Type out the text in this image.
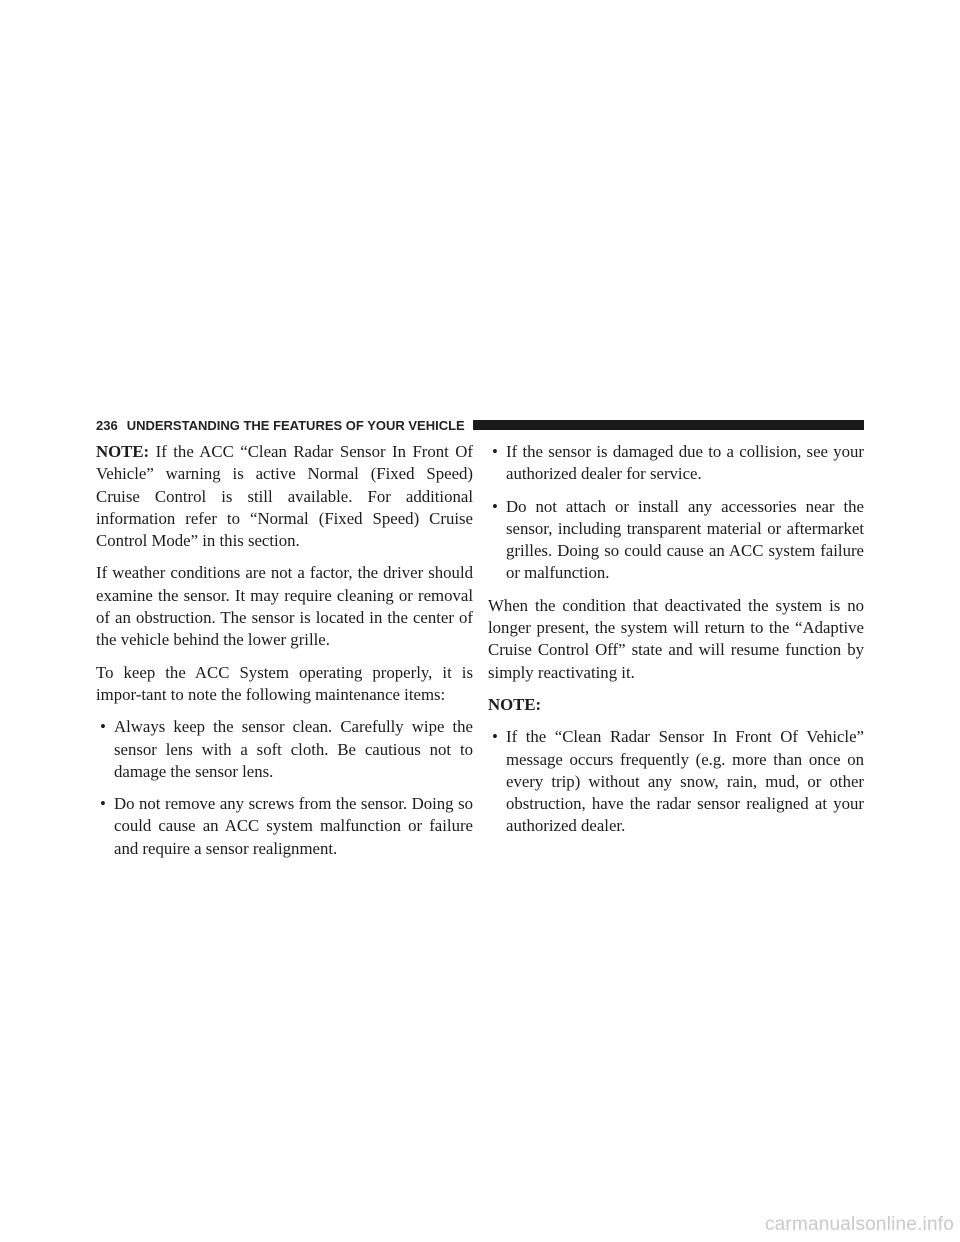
236 UNDERSTANDING THE FEATURES OF YOUR VEHICLE

NOTE: If the ACC “Clean Radar Sensor In Front Of Vehicle” warning is active Normal (Fixed Speed) Cruise Control is still available. For additional information refer to “Normal (Fixed Speed) Cruise Control Mode” in this section.

If weather conditions are not a factor, the driver should examine the sensor. It may require cleaning or removal of an obstruction. The sensor is located in the center of the vehicle behind the lower grille.

To keep the ACC System operating properly, it is impor-tant to note the following maintenance items:

• Always keep the sensor clean. Carefully wipe the sensor lens with a soft cloth. Be cautious not to damage the sensor lens.
• Do not remove any screws from the sensor. Doing so could cause an ACC system malfunction or failure and require a sensor realignment.
• If the sensor is damaged due to a collision, see your authorized dealer for service.
• Do not attach or install any accessories near the sensor, including transparent material or aftermarket grilles. Doing so could cause an ACC system failure or malfunction.

When the condition that deactivated the system is no longer present, the system will return to the “Adaptive Cruise Control Off” state and will resume function by simply reactivating it.

NOTE:

• If the “Clean Radar Sensor In Front Of Vehicle” message occurs frequently (e.g. more than once on every trip) without any snow, rain, mud, or other obstruction, have the radar sensor realigned at your authorized dealer.
carmanualsonline.info
